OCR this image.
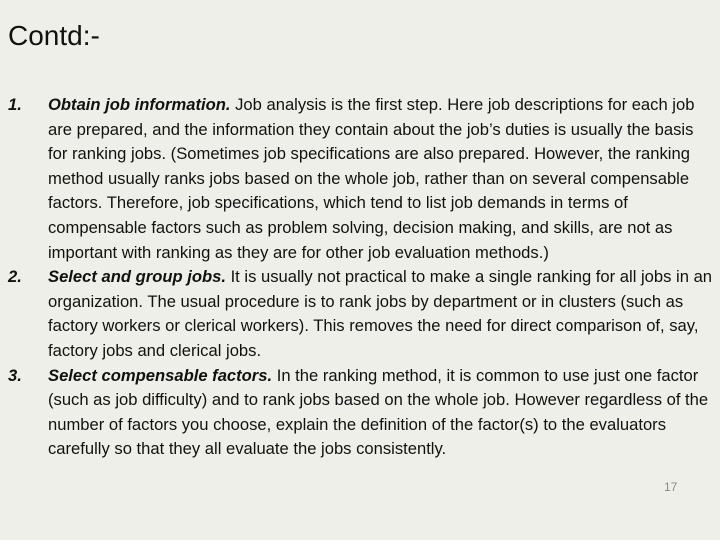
Contd:-
1. Obtain job information. Job analysis is the first step. Here job descriptions for each job are prepared, and the information they contain about the job’s duties is usually the basis for ranking jobs. (Sometimes job specifications are also prepared. However, the ranking method usually ranks jobs based on the whole job, rather than on several compensable factors. Therefore, job specifications, which tend to list job demands in terms of compensable factors such as problem solving, decision making, and skills, are not as important with ranking as they are for other job evaluation methods.)
2. Select and group jobs. It is usually not practical to make a single ranking for all jobs in an organization. The usual procedure is to rank jobs by department or in clusters (such as factory workers or clerical workers). This removes the need for direct comparison of, say, factory jobs and clerical jobs.
3. Select compensable factors. In the ranking method, it is common to use just one factor (such as job difficulty) and to rank jobs based on the whole job. However regardless of the number of factors you choose, explain the definition of the factor(s) to the evaluators carefully so that they all evaluate the jobs consistently.
17
